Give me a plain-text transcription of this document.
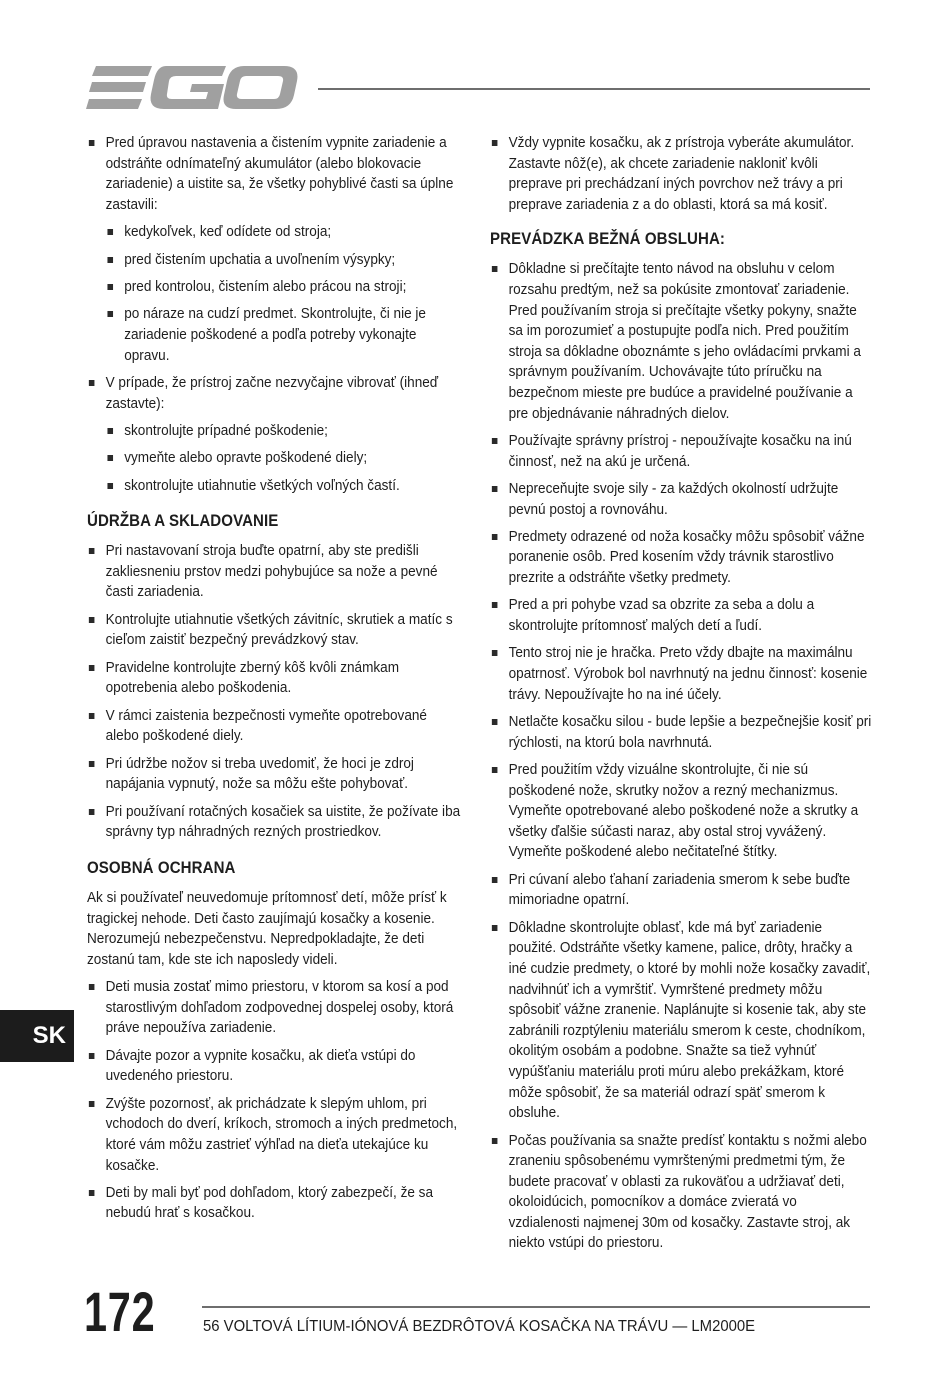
Pred úpravou nastavenia a čistením vypnite zariadenie a odstráňte odnímateľný akumulátor (alebo blokovacie zariadenie) a uistite sa, že všetky pohyblivé časti sa úplne zastavili:
kedykoľvek, keď odídete od stroja;
pred čistením upchatia a uvoľnením výsypky;
pred kontrolou, čistením alebo prácou na stroji;
po náraze na cudzí predmet. Skontrolujte, či nie je zariadenie poškodené a podľa potreby vykonajte opravu.
V prípade, že prístroj začne nezvyčajne vibrovať (ihneď zastavte):
skontrolujte prípadné poškodenie;
vymeňte alebo opravte poškodené diely;
skontrolujte utiahnutie všetkých voľných častí.
ÚDRŽBA A SKLADOVANIE
Pri nastavovaní stroja buďte opatrní, aby ste predišli zakliesneniu prstov medzi pohybujúce sa nože a pevné časti zariadenia.
Kontrolujte utiahnutie všetkých závitníc, skrutiek a matíc s cieľom zaistiť bezpečný prevádzkový stav.
Pravidelne kontrolujte zberný kôš kvôli známkam opotrebenia alebo poškodenia.
V rámci zaistenia bezpečnosti vymeňte opotrebované alebo poškodené diely.
Pri údržbe nožov si treba uvedomiť, že hoci je zdroj napájania vypnutý, nože sa môžu ešte pohybovať.
Pri používaní rotačných kosačiek sa uistite, že požívate iba správny typ náhradných rezných prostriedkov.
OSOBNÁ OCHRANA

Ak si používateľ neuvedomuje prítomnosť detí, môže prísť k tragickej nehode. Deti často zaujímajú kosačky a kosenie. Nerozumejú nebezpečenstvu. Nepredpokladajte, že deti zostanú tam, kde ste ich naposledy videli.

Deti musia zostať mimo priestoru, v ktorom sa kosí a pod starostlivým dohľadom zodpovednej dospelej osoby, ktorá práve nepoužíva zariadenie.
Dávajte pozor a vypnite kosačku, ak dieťa vstúpi do uvedeného priestoru.
Zvýšte pozornosť, ak prichádzate k slepým uhlom, pri vchodoch do dverí, kríkoch, stromoch a iných predmetoch, ktoré vám môžu zastrieť výhľad na dieťa utekajúce ku kosačke.
Deti by mali byť pod dohľadom, ktorý zabezpečí, že sa nebudú hrať s kosačkou.
Vždy vypnite kosačku, ak z prístroja vyberáte akumulátor. Zastavte nôž(e), ak chcete zariadenie nakloniť kvôli preprave pri prechádzaní iných povrchov než trávy a pri preprave zariadenia z a do oblasti, ktorá sa má kosiť.
PREVÁDZKA BEŽNÁ OBSLUHA:
Dôkladne si prečítajte tento návod na obsluhu v celom rozsahu predtým, než sa pokúsite zmontovať zariadenie. Pred používaním stroja si prečítajte všetky pokyny, snažte sa im porozumieť a postupujte podľa nich. Pred použitím stroja sa dôkladne oboznámte s jeho ovládacími prvkami a správnym používaním. Uchovávajte túto príručku na bezpečnom mieste pre budúce a pravidelné používanie a pre objednávanie náhradných dielov.
Používajte správny prístroj - nepoužívajte kosačku na inú činnosť, než na akú je určená.
Nepreceňujte svoje sily - za každých okolností udržujte pevnú postoj a rovnováhu.
Predmety odrazené od noža kosačky môžu spôsobiť vážne poranenie osôb. Pred kosením vždy trávnik starostlivo prezrite a odstráňte všetky predmety.
Pred a pri pohybe vzad sa obzrite za seba a dolu a skontrolujte prítomnosť malých detí a ľudí.
Tento stroj nie je hračka. Preto vždy dbajte na maximálnu opatrnosť. Výrobok bol navrhnutý na jednu činnosť: kosenie trávy. Nepoužívajte ho na iné účely.
Netlačte kosačku silou - bude lepšie a bezpečnejšie kosiť pri rýchlosti, na ktorú bola navrhnutá.
Pred použitím vždy vizuálne skontrolujte, či nie sú poškodené nože, skrutky nožov a rezný mechanizmus. Vymeňte opotrebované alebo poškodené nože a skrutky a všetky ďalšie súčasti naraz, aby ostal stroj vyvážený. Vymeňte poškodené alebo nečitateľné štítky.
Pri cúvaní alebo ťahaní zariadenia smerom k sebe buďte mimoriadne opatrní.
Dôkladne skontrolujte oblasť, kde má byť zariadenie použité. Odstráňte všetky kamene, palice, drôty, hračky a iné cudzie predmety, o ktoré by mohli nože kosačky zavadiť, nadvihnúť ich a vymrštiť. Vymrštené predmety môžu spôsobiť vážne zranenie. Naplánujte si kosenie tak, aby ste zabránili rozptýleniu materiálu smerom k ceste, chodníkom, okolitým osobám a podobne. Snažte sa tiež vyhnúť vypúšťaniu materiálu proti múru alebo prekážkam, ktoré môže spôsobiť, že sa materiál odrazí späť smerom k obsluhe.
Počas používania sa snažte predísť kontaktu s nožmi alebo zraneniu spôsobenému vymrštenými predmetmi tým, že budete pracovať v oblasti za rukoväťou a udržiavať deti, okoloidúcich, pomocníkov a domáce zvieratá vo vzdialenosti najmenej 30m od kosačky. Zastavte stroj, ak niekto vstúpi do priestoru.
SK
172	56 VOLTOVÁ LÍTIUM-IÓNOVÁ BEZDRÔTOVÁ KOSAČKA NA TRÁVU — LM2000E
